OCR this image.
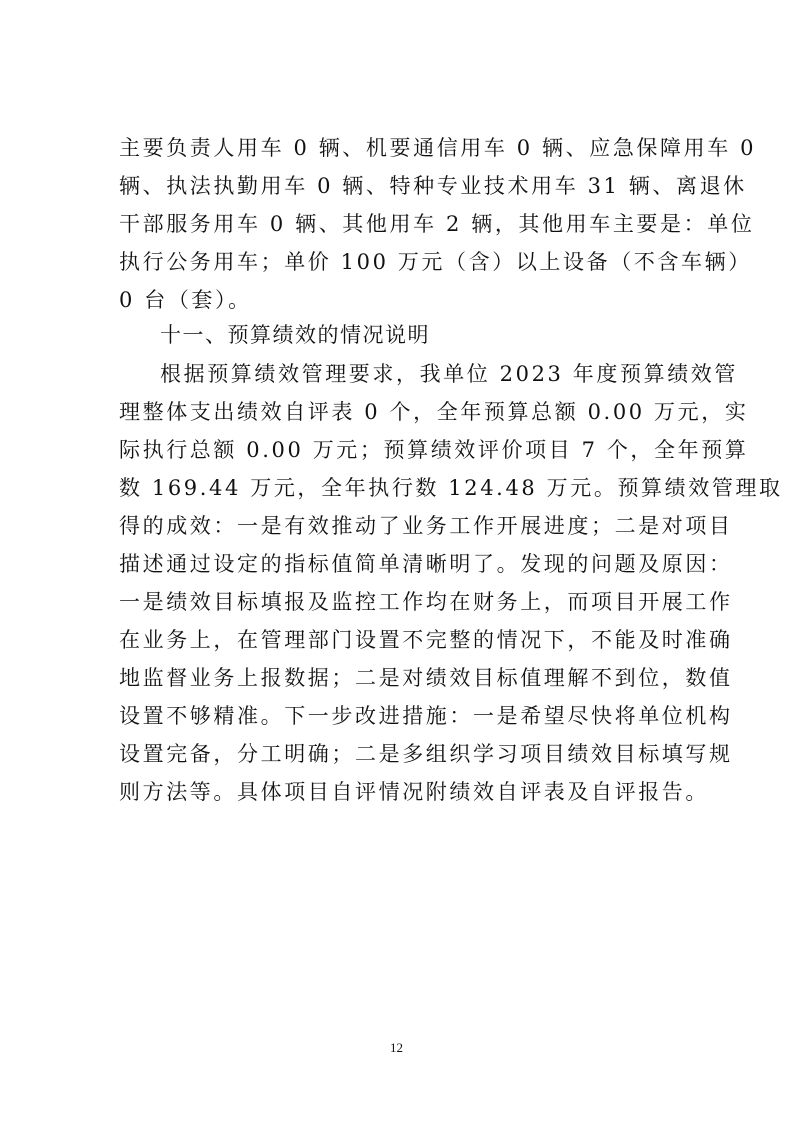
主要负责人用车 0 辆、机要通信用车 0 辆、应急保障用车 0
辆、执法执勤用车 0 辆、特种专业技术用车 31 辆、离退休
干部服务用车 0 辆、其他用车 2 辆，其他用车主要是：单位
执行公务用车；单价 100 万元（含）以上设备（不含车辆）
0 台（套）。
十一、预算绩效的情况说明
根据预算绩效管理要求，我单位 2023 年度预算绩效管
理整体支出绩效自评表 0 个，全年预算总额 0.00 万元，实
际执行总额 0.00 万元；预算绩效评价项目 7 个，全年预算
数 169.44 万元，全年执行数 124.48 万元。预算绩效管理取
得的成效：一是有效推动了业务工作开展进度；二是对项目
描述通过设定的指标值简单清晰明了。发现的问题及原因：
一是绩效目标填报及监控工作均在财务上，而项目开展工作
在业务上，在管理部门设置不完整的情况下，不能及时准确
地监督业务上报数据；二是对绩效目标值理解不到位，数值
设置不够精准。下一步改进措施：一是希望尽快将单位机构
设置完备，分工明确；二是多组织学习项目绩效目标填写规
则方法等。具体项目自评情况附绩效自评表及自评报告。
12
